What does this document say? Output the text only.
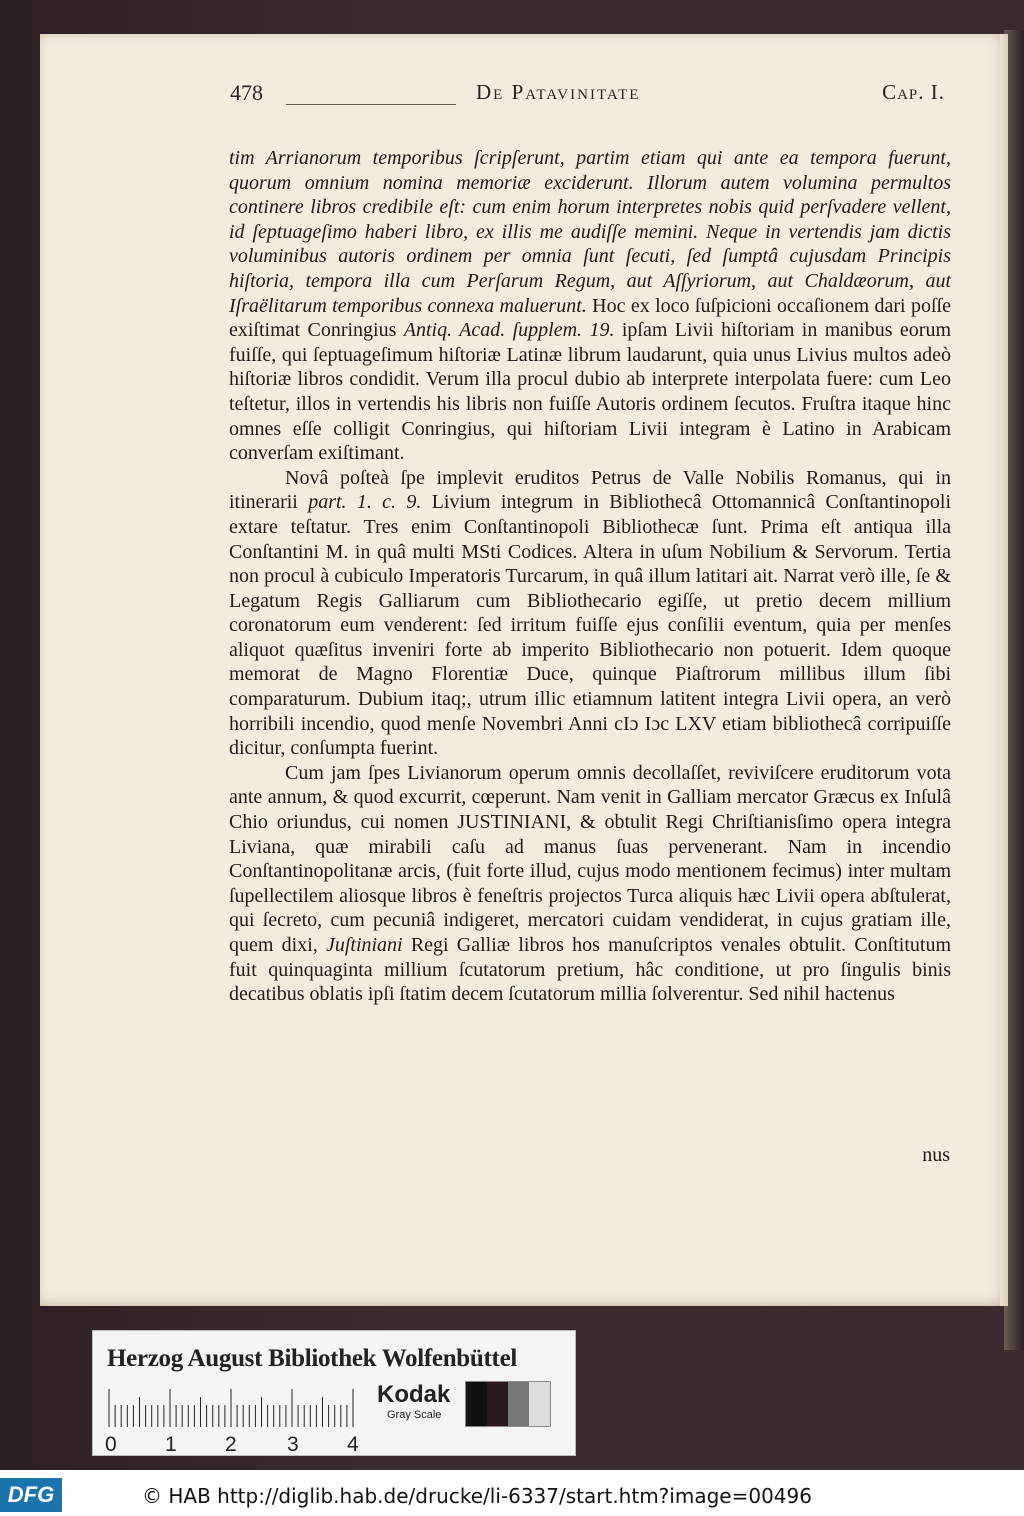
478	De Patavinitate	Cap. I.

tim Arrianorum temporibus ſcripſerunt, partim etiam qui ante ea tempora fuerunt, quorum omnium nomina memoriæ exciderunt. Illorum autem volumina permultos continere libros credibile eſt: cum enim horum interpretes nobis quid perſvadere vellent, id ſeptuageſimo haberi libro, ex illis me audiſſe memini. Neque in vertendis jam dictis voluminibus autoris ordinem per omnia ſunt ſecuti, ſed ſumptâ cujusdam Principis hiſtoria, tempora illa cum Perſarum Regum, aut Aſſyriorum, aut Chaldæorum, aut Iſraëlitarum temporibus connexa maluerunt. Hoc ex loco ſuſpicioni occaſionem dari poſſe exiſtimat Conringius Antiq. Acad. ſupplem. 19. ipſam Livii hiſtoriam in manibus eorum fuiſſe, qui ſeptuageſimum hiſtoriæ Latinæ librum laudarunt, quia unus Livius multos adeò hiſtoriæ libros condidit. Verum illa procul dubio ab interprete interpolata fuere: cum Leo teſtetur, illos in vertendis his libris non fuiſſe Autoris ordinem ſecutos. Fruſtra itaque hinc omnes eſſe colligit Conringius, qui hiſtoriam Livii integram è Latino in Arabicam converſam exiſtimant.

Novâ poſteà ſpe implevit eruditos Petrus de Valle Nobilis Romanus, qui in itinerarii part. 1. c. 9. Livium integrum in Bibliothecâ Ottomannicâ Conſtantinopoli extare teſtatur. Tres enim Conſtantinopoli Bibliothecæ ſunt. Prima eſt antiqua illa Conſtantini M. in quâ multi MSti Codices. Altera in uſum Nobilium & Servorum. Tertia non procul à cubiculo Imperatoris Turcarum, in quâ illum latitari ait. Narrat verò ille, ſe & Legatum Regis Galliarum cum Bibliothecario egiſſe, ut pretio decem millium coronatorum eum venderent: ſed irritum fuiſſe ejus conſilii eventum, quia per menſes aliquot quæſitus inveniri forte ab imperito Bibliothecario non potuerit. Idem quoque memorat de Magno Florentiæ Duce, quinque Piaſtrorum millibus illum ſibi comparaturum. Dubium itaq;, utrum illic etiamnum latitent integra Livii opera, an verò horribili incendio, quod menſe Novembri Anni cIɔ Iɔc LXV etiam bibliothecâ corripuiſſe dicitur, conſumpta fuerint.

Cum jam ſpes Livianorum operum omnis decollaſſet, reviviſcere eruditorum vota ante annum, & quod excurrit, cœperunt. Nam venit in Galliam mercator Græcus ex Inſulâ Chio oriundus, cui nomen JUSTINIANI, & obtulit Regi Chriſtianisſimo opera integra Liviana, quæ mirabili caſu ad manus ſuas pervenerant. Nam in incendio Conſtantinopolitanæ arcis, (fuit forte illud, cujus modo mentionem fecimus) inter multam ſupellectilem aliosque libros è feneſtris projectos Turca aliquis hæc Livii opera abſtulerat, qui ſecreto, cum pecuniâ indigeret, mercatori cuidam vendiderat, in cujus gratiam ille, quem dixi, Juſtiniani Regi Galliæ libros hos manuſcriptos venales obtulit. Conſtitutum fuit quinquaginta millium ſcutatorum pretium, hâc conditione, ut pro ſingulis binis decatibus oblatis ipſi ſtatim decem ſcutatorum millia ſolverentur. Sed nihil hactenus

nus
Herzog August Bibliothek Wolfenbüttel
0 1 2 3 4
Kodak
Gray Scale
DFG	© HAB http://diglib.hab.de/drucke/li-6337/start.htm?image=00496
